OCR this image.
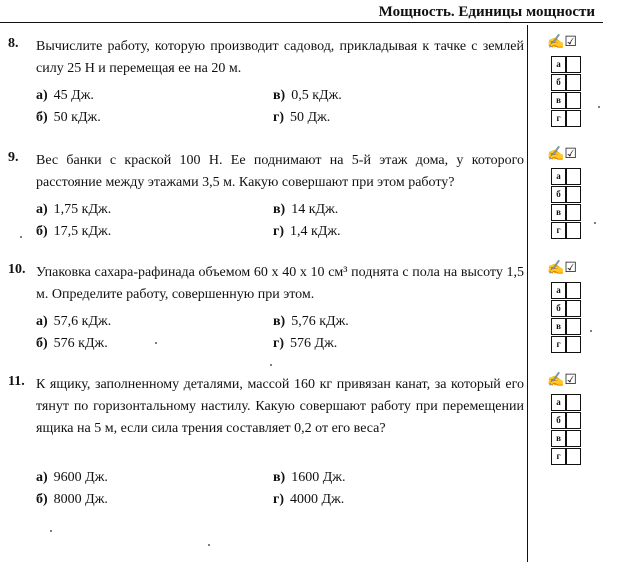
Мощность. Единицы мощности
8.	Вычислите работу, которую производит садовод, прикладывая к тачке с землей силу 25 Н и перемещая ее на 20 м.
а) 45 Дж.	в) 0,5 кДж.
б) 50 кДж.	г) 50 Дж.
9.	Вес банки с краской 100 Н. Ее поднимают на 5-й этаж дома, у которого расстояние между этажами 3,5 м. Какую совершают при этом работу?
а) 1,75 кДж.	в) 14 кДж.
б) 17,5 кДж.	г) 1,4 кДж.
10. Упаковка сахара-рафинада объемом 60 x 40 x 10 см³ поднята с пола на высоту 1,5 м. Определите работу, совершенную при этом.
а) 57,6 кДж.	в) 5,76 кДж.
б) 576 кДж.	г) 576 Дж.
11. К ящику, заполненному деталями, массой 160 кг привязан канат, за который его тянут по горизонтальному настилу. Какую совершают работу при перемещении ящика на 5 м, если сила трения составляет 0,2 от его веса?
а) 9600 Дж.	в) 1600 Дж.
б) 8000 Дж.	г) 4000 Дж.
✍☑
а
б
в
г
✍☑
а
б
в
г
✍☑
а
б
в
г
✍☑
а
б
в
г
